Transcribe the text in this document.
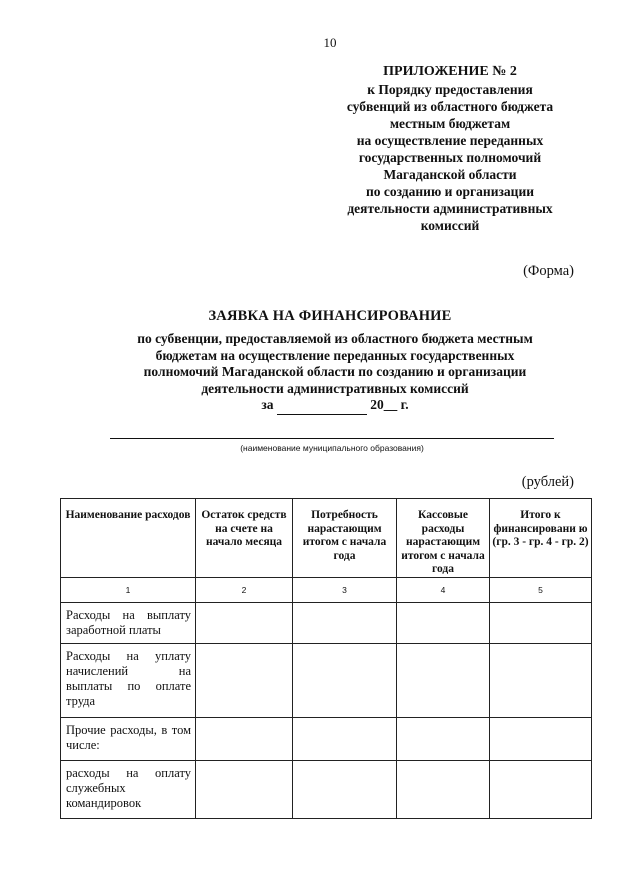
10
ПРИЛОЖЕНИЕ № 2
к Порядку предоставления
субвенций из областного бюджета
местным бюджетам
на осуществление переданных
государственных полномочий
Магаданской области
по созданию и организации
деятельности административных
комиссий
(Форма)
ЗАЯВКА НА ФИНАНСИРОВАНИЕ
по субвенции, предоставляемой из областного бюджета местным
бюджетам на осуществление переданных государственных
полномочий Магаданской области по созданию и организации
деятельности административных комиссий
за	20__ г.
(наименование муниципального образования)
(рублей)
Наименование расходов	Остаток средств на счете на начало месяца	Потребность нарастающим итогом с начала года	Кассовые расходы нарастающим итогом с начала года	Итого к финансировани ю (гр. 3 - гр. 4 - гр. 2)
1	2	3	4	5
Расходы на выплату заработной платы				
Расходы на уплату начислений на выплаты по оплате труда				
Прочие расходы, в том числе:				
расходы на оплату служебных командировок				
